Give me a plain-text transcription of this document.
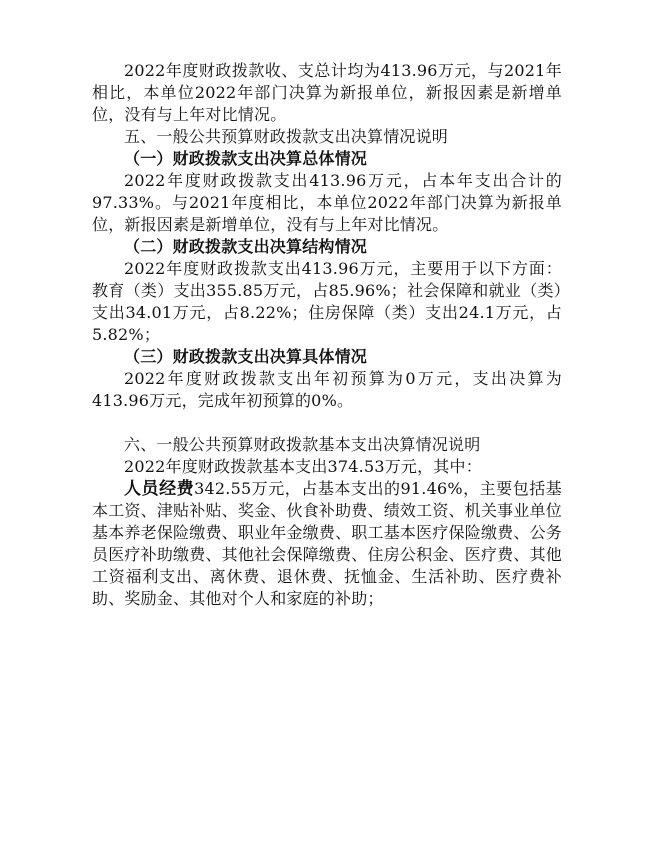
2022年度财政拨款收、支总计均为413.96万元，与2021年相比，本单位2022年部门决算为新报单位，新报因素是新增单位，没有与上年对比情况。

五、一般公共预算财政拨款支出决算情况说明

（一）财政拨款支出决算总体情况

2022年度财政拨款支出413.96万元，占本年支出合计的97.33%。与2021年度相比，本单位2022年部门决算为新报单位，新报因素是新增单位，没有与上年对比情况。

（二）财政拨款支出决算结构情况

2022年度财政拨款支出413.96万元，主要用于以下方面：教育（类）支出355.85万元，占85.96%；社会保障和就业（类）支出34.01万元，占8.22%；住房保障（类）支出24.1万元，占5.82%；

（三）财政拨款支出决算具体情况

2022年度财政拨款支出年初预算为0万元，支出决算为413.96万元，完成年初预算的0%。

六、一般公共预算财政拨款基本支出决算情况说明

2022年度财政拨款基本支出374.53万元，其中：

人员经费342.55万元，占基本支出的91.46%，主要包括基本工资、津贴补贴、奖金、伙食补助费、绩效工资、机关事业单位基本养老保险缴费、职业年金缴费、职工基本医疗保险缴费、公务员医疗补助缴费、其他社会保障缴费、住房公积金、医疗费、其他工资福利支出、离休费、退休费、抚恤金、生活补助、医疗费补助、奖励金、其他对个人和家庭的补助；
